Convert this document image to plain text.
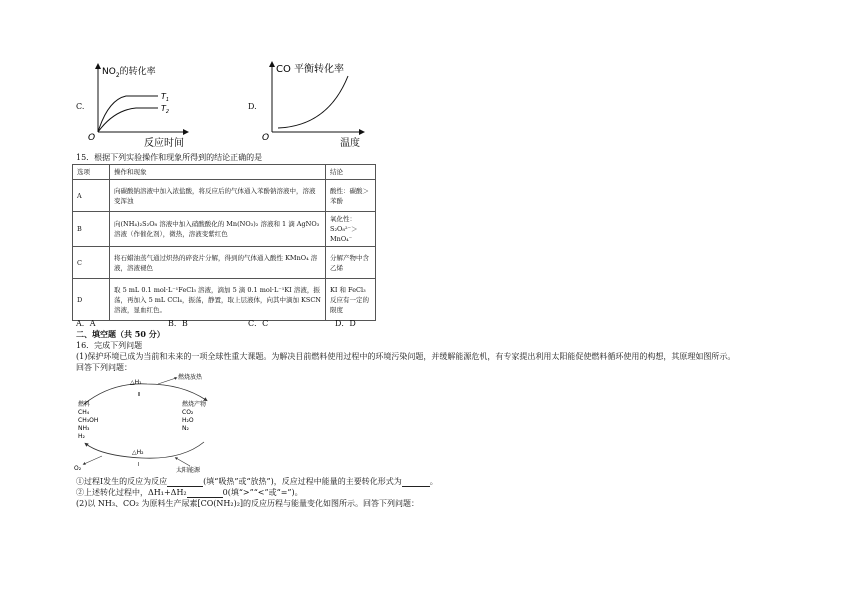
C.
$NO_2$的转化率
$T_1$
$T_2$
O	反应时间
D.
CO 平衡转化率
O	温度
15．根据下列实验操作和现象所得到的结论正确的是
选项	操作和现象	结论
A	向碳酸钠溶液中加入浓盐酸，将反应后的气体通入苯酚钠溶液中，溶液变浑浊	酸性：碳酸＞苯酚
B	向(NH₄)₂S₂O₈ 溶液中加入硝酸酸化的 Mn(NO₃)₂ 溶液和 1 滴 AgNO₃ 溶液（作催化剂），微热，溶液变紫红色	氧化性：S₂O₈²⁻＞MnO₄⁻
C	将石蜡油蒸气通过炽热的碎瓷片分解，得到的气体通入酸性 KMnO₄ 溶液，溶液褪色	分解产物中含乙烯
D	取 5 mL 0.1 mol·L⁻¹FeCl₃ 溶液，滴加 5 滴 0.1 mol·L⁻¹KI 溶液，振荡，再加入 5 mL CCl₄，振荡，静置，取上层液体，向其中滴加 KSCN 溶液，显血红色。	KI 和 FeCl₃ 反应有一定的限度
A．A	B．B	C．C	D．D
二、填空题（共 50 分）
16．完成下列问题
(1)保护环境已成为当前和未来的一项全球性重大课题。为解决目前燃料使用过程中的环境污染问题，并缓解能源危机，有专家提出利用太阳能促使燃料循环使用的构想，其原理如图所示。
回答下列问题：
△H₁
Ⅱ
燃烧放热
燃料
CH₄
CH₃OH
NH₃
H₂
燃烧产物
CO₂
H₂O
N₂
△H₂
Ⅰ
O₂	太阳能源
①过程Ⅰ发生的反应为反应	(填“吸热”或“放热”)，反应过程中能量的主要转化形式为	。
②上述转化过程中，ΔH₁+ΔH₂	0(填“>”“<”或“=”)。
(2)以 NH₃、CO₂ 为原料生产尿素[CO(NH₂)₂]的反应历程与能量变化如图所示。回答下列问题：
